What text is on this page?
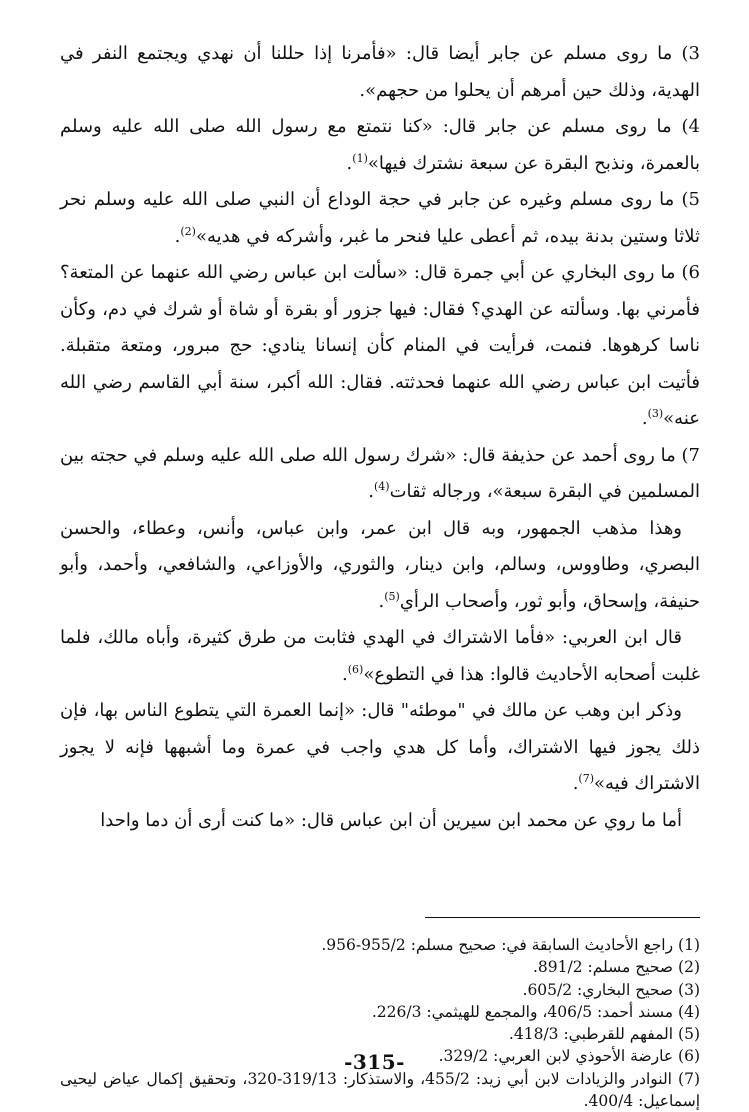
3) ما روى مسلم عن جابر أيضا قال: «فأمرنا إذا حللنا أن نهدي ويجتمع النفر في الهدية، وذلك حين أمرهم أن يحلوا من حجهم».

4) ما روى مسلم عن جابر قال: «كنا نتمتع مع رسول الله صلى الله عليه وسلم بالعمرة، ونذبح البقرة عن سبعة نشترك فيها»$^{(1)}$.

5) ما روى مسلم وغيره عن جابر في حجة الوداع أن النبي صلى الله عليه وسلم نحر ثلاثا وستين بدنة بيده، ثم أعطى عليا فنحر ما غبر، وأشركه في هديه»$^{(2)}$.

6) ما روى البخاري عن أبي جمرة قال: «سألت ابن عباس رضي الله عنهما عن المتعة؟ فأمرني بها. وسألته عن الهدي؟ فقال: فيها جزور أو بقرة أو شاة أو شرك في دم، وكأن ناسا كرهوها. فنمت، فرأيت في المنام كأن إنسانا ينادي: حج مبرور، ومتعة متقبلة. فأتيت ابن عباس رضي الله عنهما فحدثته. فقال: الله أكبر، سنة أبي القاسم رضي الله عنه»$^{(3)}$.

7) ما روى أحمد عن حذيفة قال: «شرك رسول الله صلى الله عليه وسلم في حجته بين المسلمين في البقرة سبعة»، ورجاله ثقات$^{(4)}$.

وهذا مذهب الجمهور، وبه قال ابن عمر، وابن عباس، وأنس، وعطاء، والحسن البصري، وطاووس، وسالم، وابن دينار، والثوري، والأوزاعي، والشافعي، وأحمد، وأبو حنيفة، وإسحاق، وأبو ثور، وأصحاب الرأي$^{(5)}$.

قال ابن العربي: «فأما الاشتراك في الهدي فثابت من طرق كثيرة، وأباه مالك، فلما غلبت أصحابه الأحاديث قالوا: هذا في التطوع»$^{(6)}$.

وذكر ابن وهب عن مالك في "موطئه" قال: «إنما العمرة التي يتطوع الناس بها، فإن ذلك يجوز فيها الاشتراك، وأما كل هدي واجب في عمرة وما أشبهها فإنه لا يجوز الاشتراك فيه»$^{(7)}$.

أما ما روي عن محمد ابن سيرين أن ابن عباس قال: «ما كنت أرى أن دما واحدا

(1) راجع الأحاديث السابقة في: صحيح مسلم: 955/2-956.

(2) صحيح مسلم: 891/2.

(3) صحيح البخاري: 605/2.

(4) مسند أحمد: 406/5، والمجمع للهيثمي: 226/3.

(5) المفهم للقرطبي: 418/3.

(6) عارضة الأحوذي لابن العربي: 329/2.

(7) النوادر والزيادات لابن أبي زيد: 455/2، والاستذكار: 319/13-320، وتحقيق إكمال عياض ليحيى إسماعيل: 400/4.

-315-
